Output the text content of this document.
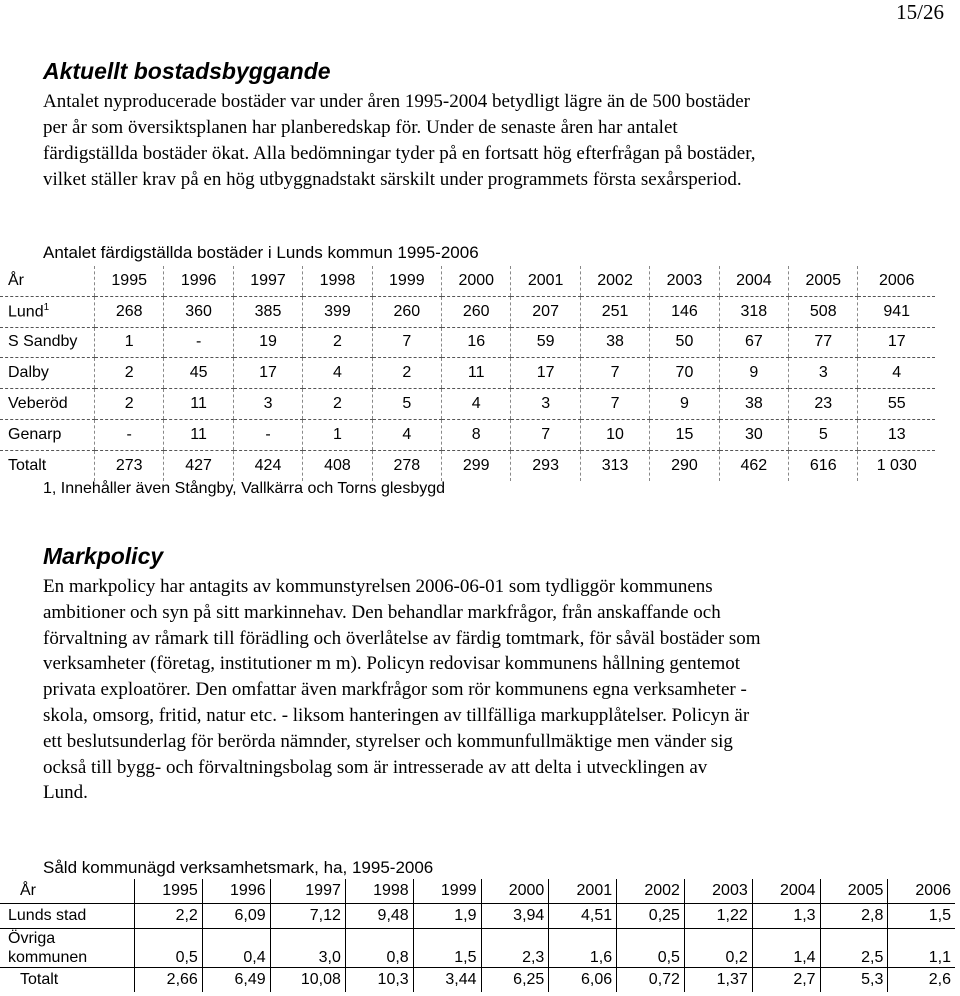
15/26
Aktuellt bostadsbyggande
Antalet nyproducerade bostäder var under åren 1995-2004 betydligt lägre än de 500 bostäder
per år som översiktsplanen har planberedskap för. Under de senaste åren har antalet
färdigställda bostäder ökat. Alla bedömningar tyder på en fortsatt hög efterfrågan på bostäder,
vilket ställer krav på en hög utbyggnadstakt särskilt under programmets första sexårsperiod.
Antalet färdigställda bostäder i Lunds kommun 1995-2006
År	1995	1996	1997	1998	1999	2000	2001	2002	2003	2004	2005	2006
Lund$^1$	268	360	385	399	260	260	207	251	146	318	508	941
S Sandby	1	-	19	2	7	16	59	38	50	67	77	17
Dalby	2	45	17	4	2	11	17	7	70	9	3	4
Veberöd	2	11	3	2	5	4	3	7	9	38	23	55
Genarp	-	11	-	1	4	8	7	10	15	30	5	13
Totalt	273	427	424	408	278	299	293	313	290	462	616	1 030
1, Innehåller även Stångby, Vallkärra och Torns glesbygd
Markpolicy
En markpolicy har antagits av kommunstyrelsen 2006-06-01 som tydliggör kommunens
ambitioner och syn på sitt markinnehav. Den behandlar markfrågor, från anskaffande och
förvaltning av råmark till förädling och överlåtelse av färdig tomtmark, för såväl bostäder som
verksamheter (företag, institutioner m m). Policyn redovisar kommunens hållning gentemot
privata exploatörer. Den omfattar även markfrågor som rör kommunens egna verksamheter -
skola, omsorg, fritid, natur etc. - liksom hanteringen av tillfälliga markupplåtelser. Policyn är
ett beslutsunderlag för berörda nämnder, styrelser och kommunfullmäktige men vänder sig
också till bygg- och förvaltningsbolag som är intresserade av att delta i utvecklingen av
Lund.
Såld kommunägd verksamhetsmark, ha, 1995-2006
År	1995	1996	1997	1998	1999	2000	2001	2002	2003	2004	2005	2006

Lunds stad	2,2	6,09	7,12	9,48	1,9	3,94	4,51	0,25	1,22	1,3	2,8	1,5

Övriga
kommunen	0,5	0,4	3,0	0,8	1,5	2,3	1,6	0,5	0,2	1,4	2,5	1,1

Totalt	2,66	6,49	10,08	10,3	3,44	6,25	6,06	0,72	1,37	2,7	5,3	2,6
